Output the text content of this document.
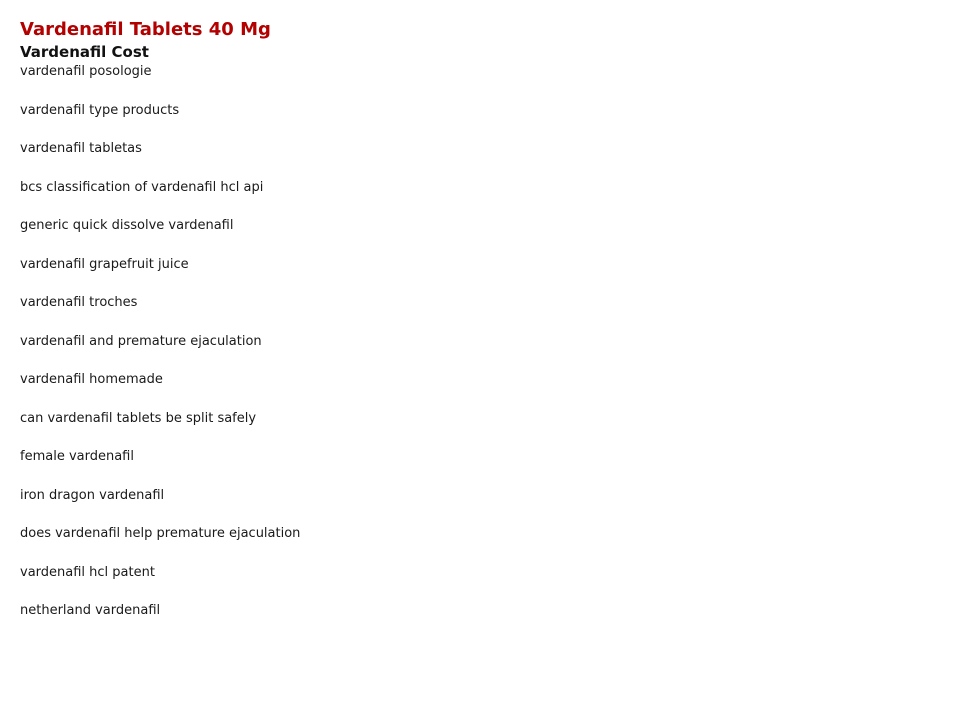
Vardenafil Tablets 40 Mg
Vardenafil Cost
vardenafil posologie
vardenafil type products
vardenafil tabletas
bcs classification of vardenafil hcl api
generic quick dissolve vardenafil
vardenafil grapefruit juice
vardenafil troches
vardenafil and premature ejaculation
vardenafil homemade
can vardenafil tablets be split safely
female vardenafil
iron dragon vardenafil
does vardenafil help premature ejaculation
vardenafil hcl patent
netherland vardenafil
